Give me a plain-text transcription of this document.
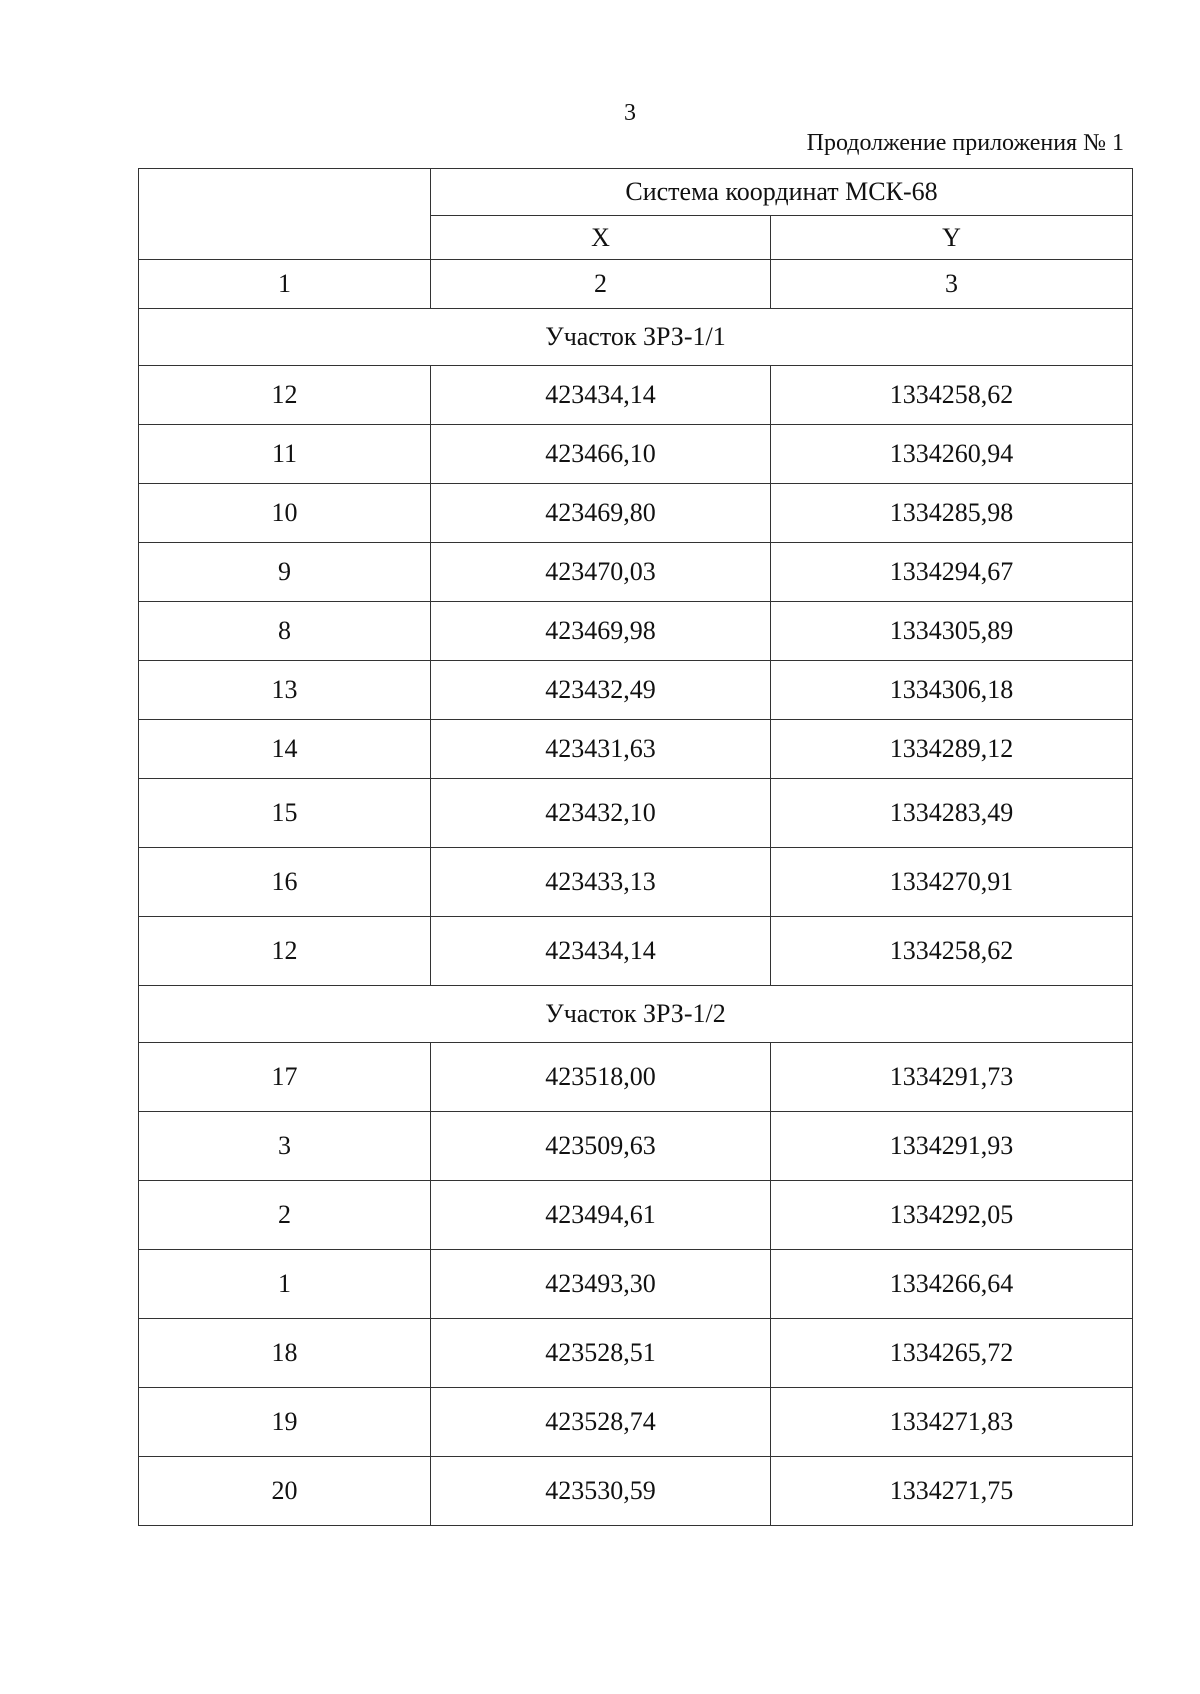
3
Продолжение приложения № 1
	Система координат МСК-68	
	X	Y
1	2	3
Участок ЗРЗ-1/1		
12	423434,14	1334258,62
11	423466,10	1334260,94
10	423469,80	1334285,98
9	423470,03	1334294,67
8	423469,98	1334305,89
13	423432,49	1334306,18
14	423431,63	1334289,12
15	423432,10	1334283,49
16	423433,13	1334270,91
12	423434,14	1334258,62
Участок ЗРЗ-1/2		
17	423518,00	1334291,73
3	423509,63	1334291,93
2	423494,61	1334292,05
1	423493,30	1334266,64
18	423528,51	1334265,72
19	423528,74	1334271,83
20	423530,59	1334271,75
